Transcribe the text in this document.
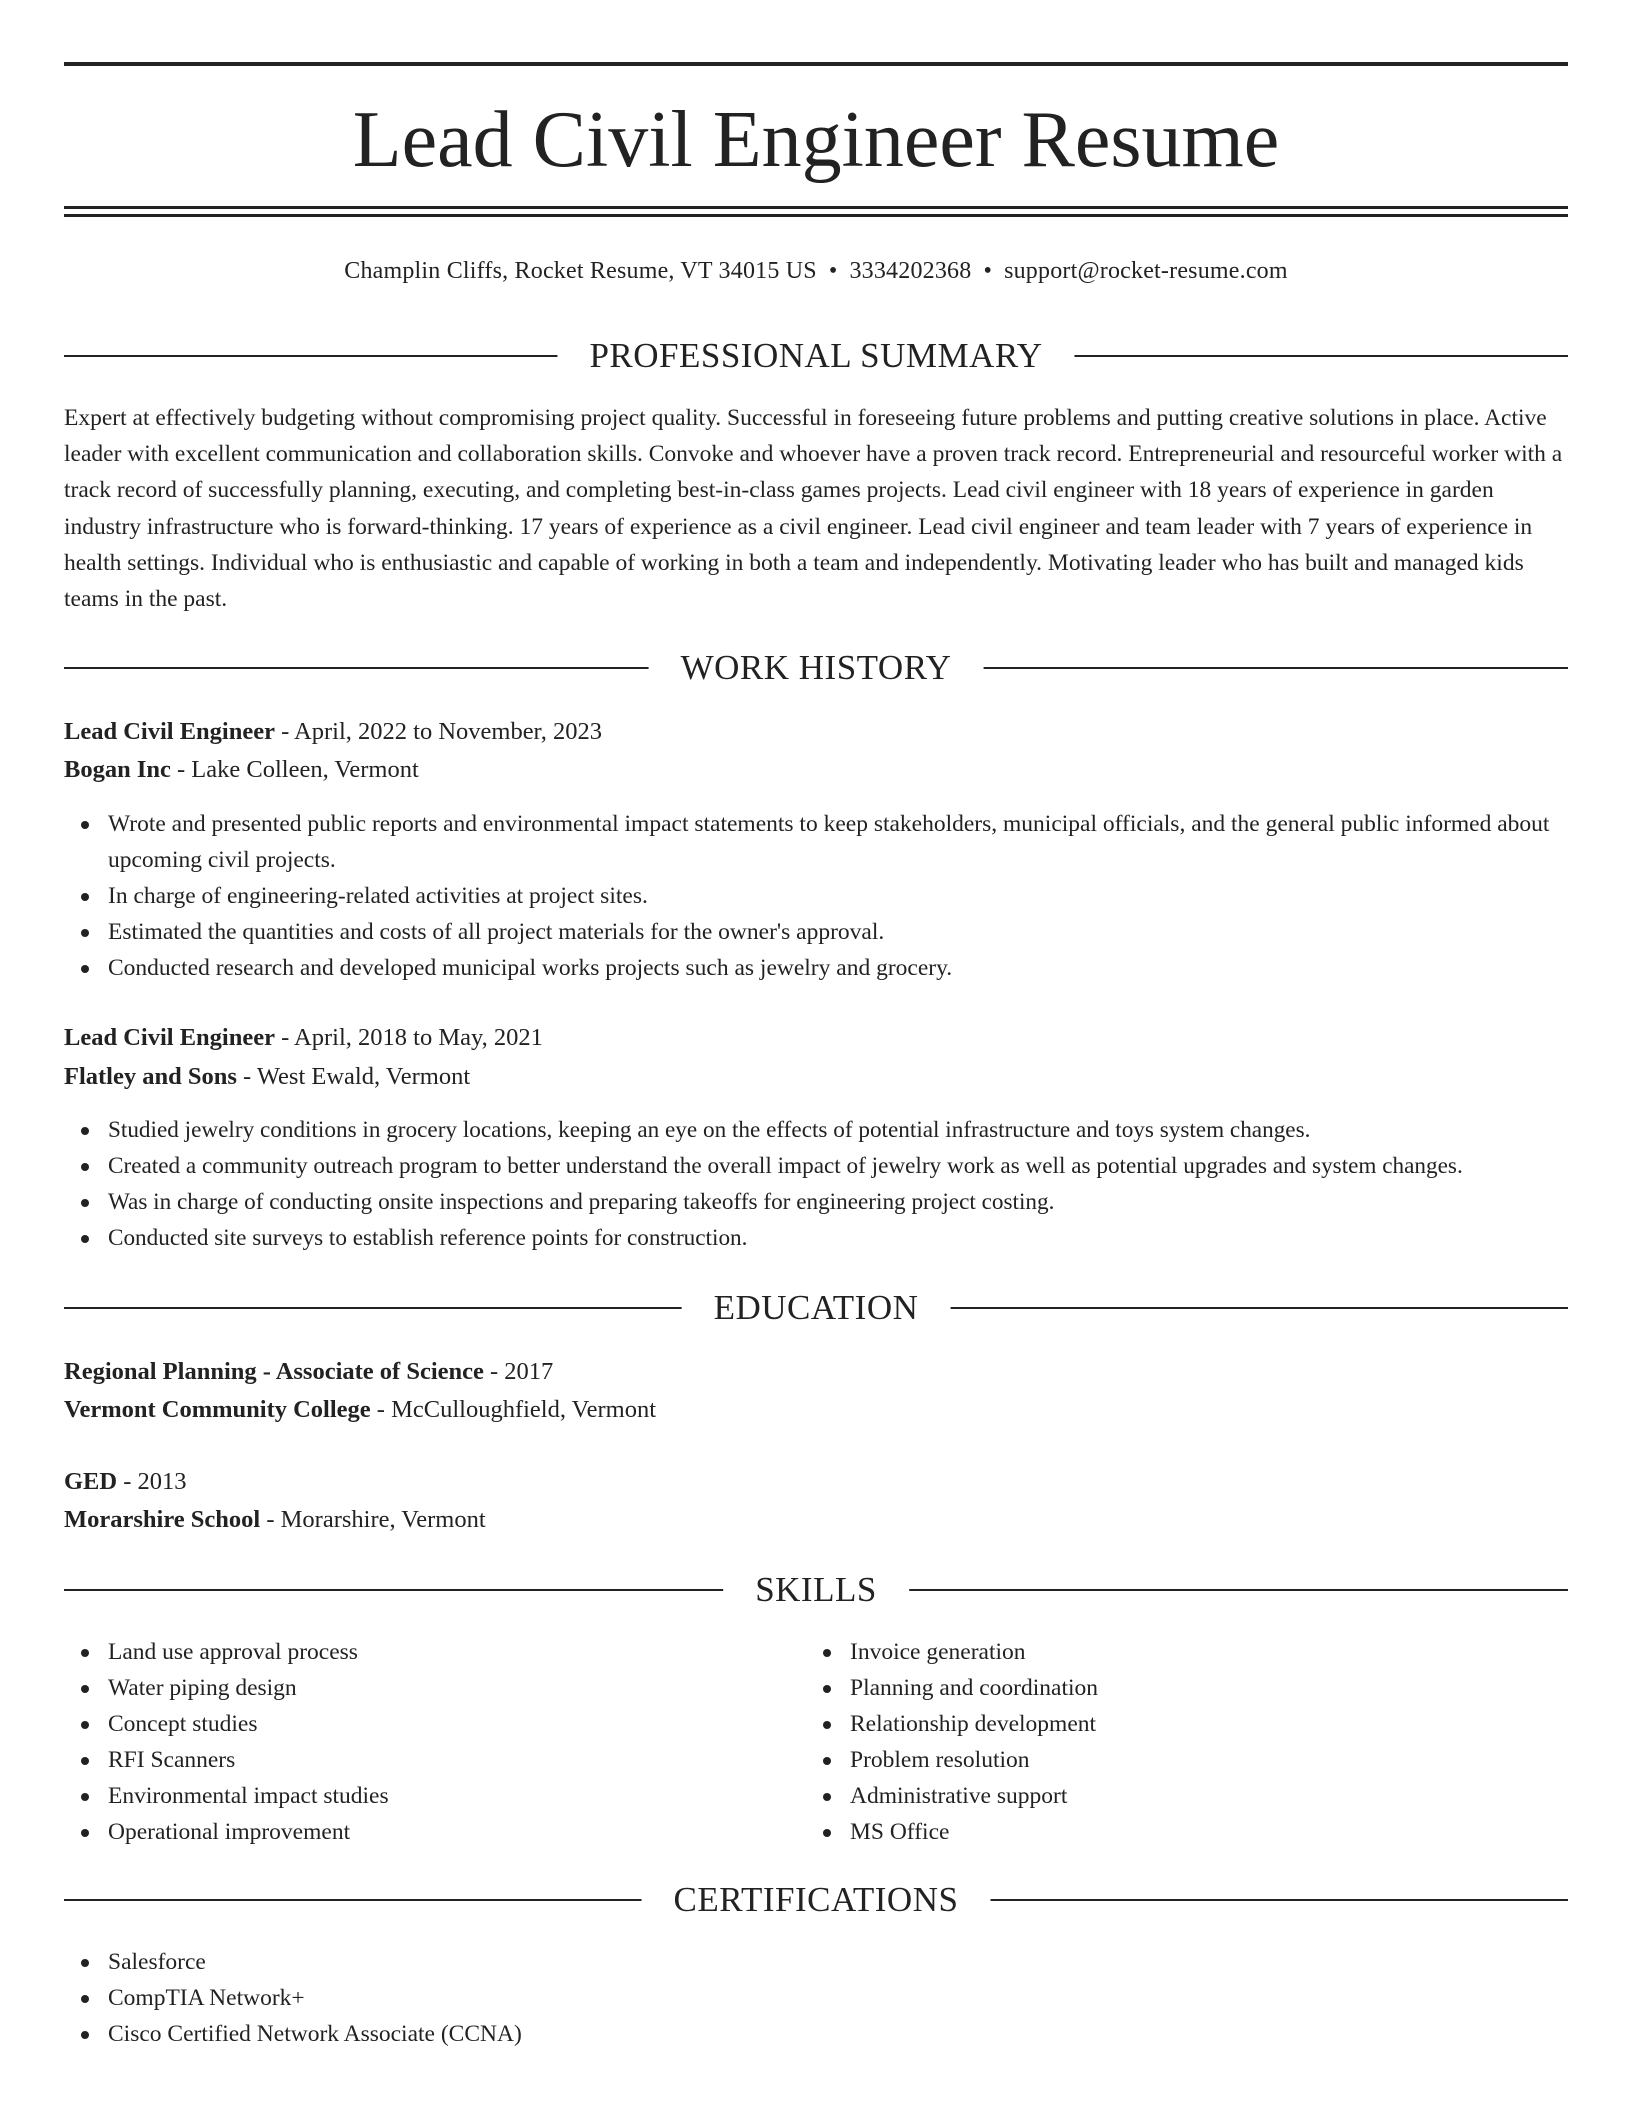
Lead Civil Engineer Resume
Champlin Cliffs, Rocket Resume, VT 34015 US • 3334202368 • support@rocket-resume.com
PROFESSIONAL SUMMARY

Expert at effectively budgeting without compromising project quality. Successful in foreseeing future problems and putting creative solutions in place. Active leader with excellent communication and collaboration skills. Convoke and whoever have a proven track record. Entrepreneurial and resourceful worker with a track record of successfully planning, executing, and completing best-in-class games projects. Lead civil engineer with 18 years of experience in garden industry infrastructure who is forward-thinking. 17 years of experience as a civil engineer. Lead civil engineer and team leader with 7 years of experience in health settings. Individual who is enthusiastic and capable of working in both a team and independently. Motivating leader who has built and managed kids teams in the past.

WORK HISTORY
Lead Civil Engineer - April, 2022 to November, 2023
Bogan Inc - Lake Colleen, Vermont
Wrote and presented public reports and environmental impact statements to keep stakeholders, municipal officials, and the general public informed about upcoming civil projects.
In charge of engineering-related activities at project sites.
Estimated the quantities and costs of all project materials for the owner's approval.
Conducted research and developed municipal works projects such as jewelry and grocery.
Lead Civil Engineer - April, 2018 to May, 2021
Flatley and Sons - West Ewald, Vermont
Studied jewelry conditions in grocery locations, keeping an eye on the effects of potential infrastructure and toys system changes.
Created a community outreach program to better understand the overall impact of jewelry work as well as potential upgrades and system changes.
Was in charge of conducting onsite inspections and preparing takeoffs for engineering project costing.
Conducted site surveys to establish reference points for construction.
EDUCATION
Regional Planning - Associate of Science - 2017
Vermont Community College - McCulloughfield, Vermont
GED - 2013
Morarshire School - Morarshire, Vermont
SKILLS
Land use approval process
Water piping design
Concept studies
RFI Scanners
Environmental impact studies
Operational improvement
Invoice generation
Planning and coordination
Relationship development
Problem resolution
Administrative support
MS Office
CERTIFICATIONS
Salesforce
CompTIA Network+
Cisco Certified Network Associate (CCNA)
